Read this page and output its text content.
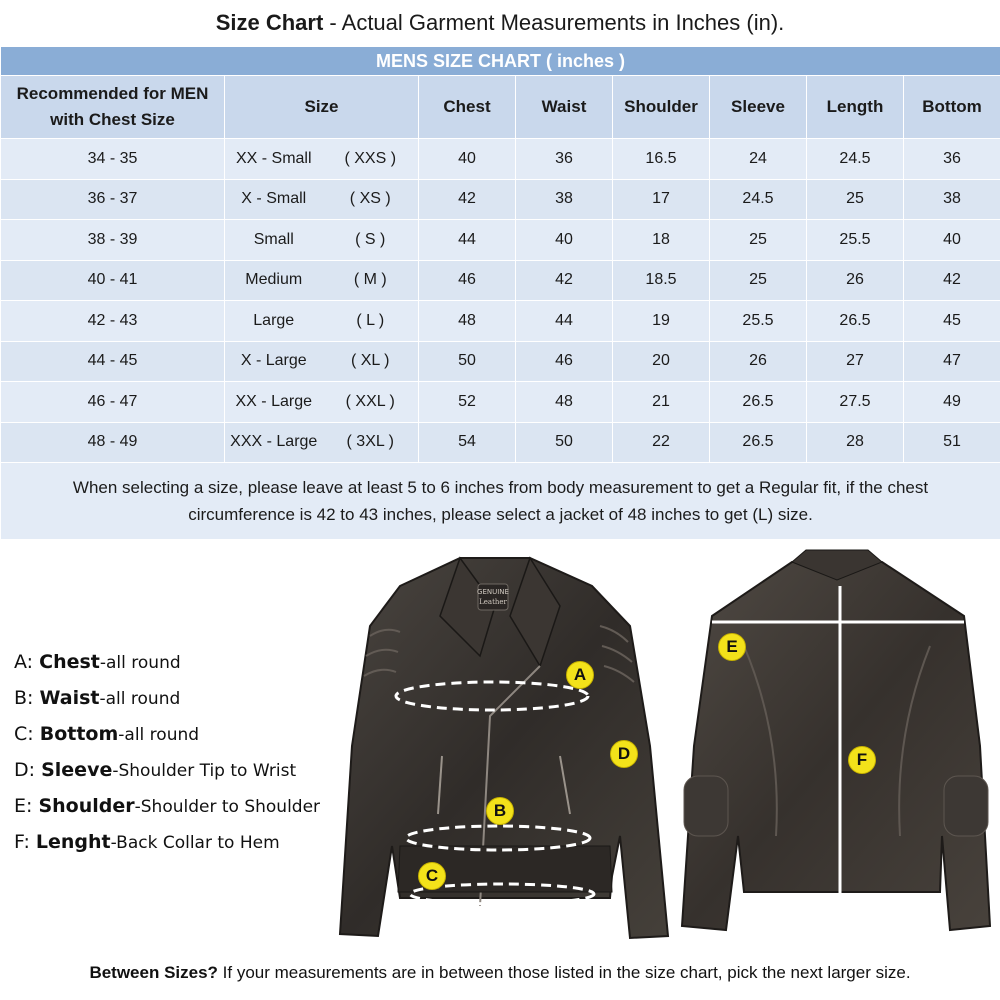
Size Chart - Actual Garment Measurements in Inches (in).
MENS SIZE CHART ( inches )								
Recommended for MEN with Chest Size	Size		Chest	Waist	Shoulder	Sleeve	Length	Bottom
34 - 35	XX - Small	( XXS )	40	36	16.5	24	24.5	36
36 - 37	X - Small	( XS )	42	38	17	24.5	25	38
38 - 39	Small	( S )	44	40	18	25	25.5	40
40 - 41	Medium	( M )	46	42	18.5	25	26	42
42 - 43	Large	( L )	48	44	19	25.5	26.5	45
44 - 45	X - Large	( XL )	50	46	20	26	27	47
46 - 47	XX - Large	( XXL )	52	48	21	26.5	27.5	49
48 - 49	XXX - Large	( 3XL )	54	50	22	26.5	28	51
When selecting a size, please leave at least 5 to 6 inches from body measurement to get a Regular fit, if the chest circumference is 42 to 43 inches, please select a jacket of 48 inches to get (L) size.								
A: Chest-all round
B: Waist-all round
C: Bottom-all round
D: Sleeve-Shoulder Tip to Wrist
E: Shoulder-Shoulder to Shoulder
F: Lenght-Back Collar to Hem
GENUINE
Leather
A
B
C
D
E
F
Between Sizes? If your measurements are in between those listed in the size chart, pick the next larger size.
